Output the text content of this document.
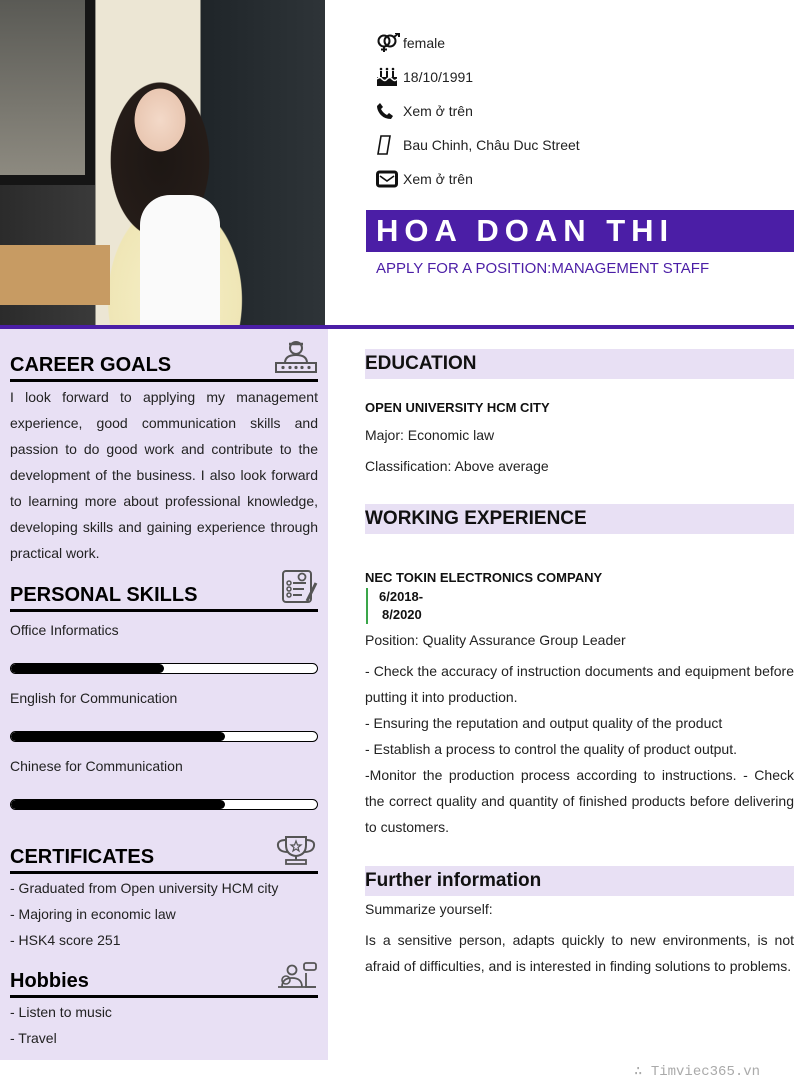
female
18/10/1991
Xem ở trên
Bau Chinh, Châu Duc Street
Xem ở trên
HOA DOAN THI
APPLY FOR A POSITION:MANAGEMENT STAFF
CAREER GOALS
I look forward to applying my management experience, good communication skills and passion to do good work and contribute to the development of the business. I also look forward to learning more about professional knowledge, developing skills and gaining experience through practical work.
PERSONAL SKILLS
Office Informatics
English for Communication
Chinese for Communication
CERTIFICATES
- Graduated from Open university HCM city
- Majoring in economic law
- HSK4 score 251
Hobbies
- Listen to music
- Travel
EDUCATION
OPEN UNIVERSITY HCM CITY
Major: Economic law
Classification: Above average
WORKING EXPERIENCE
NEC TOKIN ELECTRONICS COMPANY
6/2018-
8/2020
Position: Quality Assurance Group Leader
- Check the accuracy of instruction documents and equipment before putting it into production.
- Ensuring the reputation and output quality of the product
- Establish a process to control the quality of product output.
-Monitor the production process according to instructions. - Check the correct quality and quantity of finished products before delivering to customers.
Further information
Summarize yourself:
Is a sensitive person, adapts quickly to new environments, is not afraid of difficulties, and is interested in finding solutions to problems.
∴ Timviec365.vn
